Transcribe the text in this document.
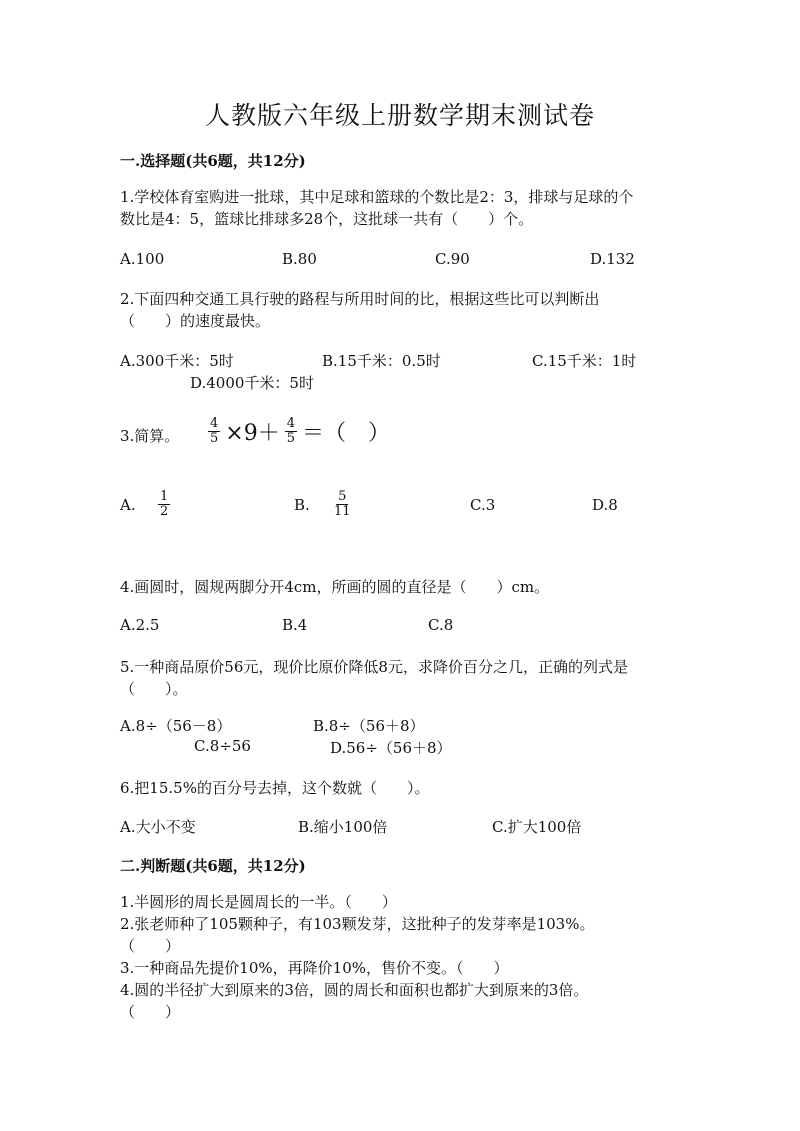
人教版六年级上册数学期末测试卷
一.选择题(共6题，共12分)
1.学校体育室购进一批球，其中足球和篮球的个数比是2：3，排球与足球的个
数比是4：5，篮球比排球多28个，这批球一共有（　　）个。
A.100	B.80	C.90	D.132
2.下面四种交通工具行驶的路程与所用时间的比，根据这些比可以判断出
（　　）的速度最快。
A.300千米：5时	B.15千米：0.5时	C.15千米：1时
D.4000千米：5时
3.简算。 $\frac{4}{5} \times 9+ \frac{4}{5}$ ＝（　）
A. $\frac{1}{2}$	B. $\frac{5}{11}$	C.3	D.8
4.画圆时，圆规两脚分开4cm，所画的圆的直径是（　　）cm。
A.2.5	B.4	C.8
5.一种商品原价56元，现价比原价降低8元，求降价百分之几，正确的列式是
（　　）。
A.8÷（56－8）	B.8÷（56＋8）
C.8÷56	D.56÷（56＋8）
6.把15.5%的百分号去掉，这个数就（　　）。
A.大小不变	B.缩小100倍	C.扩大100倍
二.判断题(共6题，共12分)
1.半圆形的周长是圆周长的一半。（　　）
2.张老师种了105颗种子，有103颗发芽，这批种子的发芽率是103%。
（　　）
3.一种商品先提价10%，再降价10%，售价不变。（　　）
4.圆的半径扩大到原来的3倍，圆的周长和面积也都扩大到原来的3倍。
（　　）
